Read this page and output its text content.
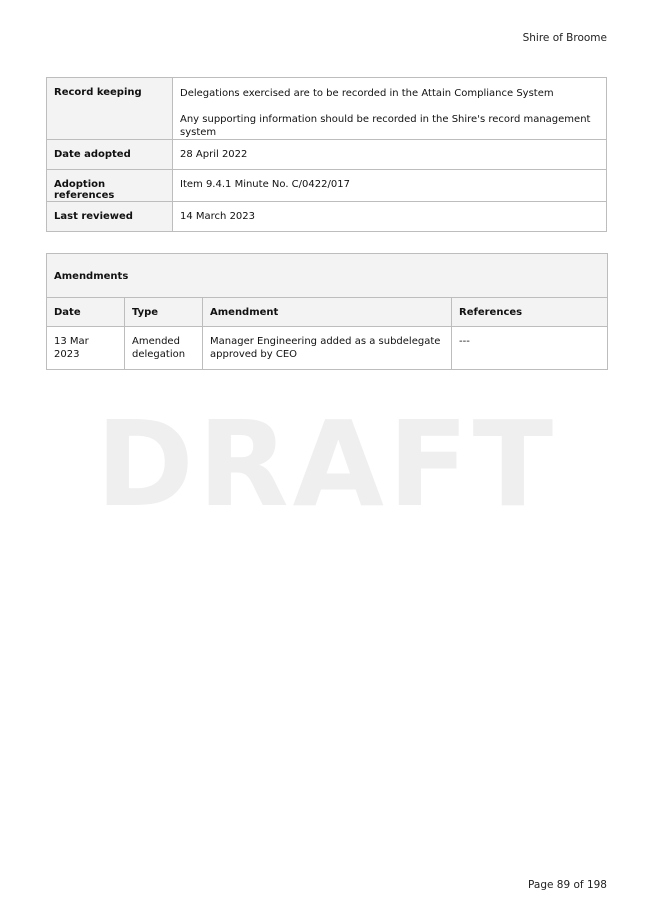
Shire of Broome
DRAFT
Record keeping	Delegations exercised are to be recorded in the Attain Compliance System
Any supporting information should be recorded in the Shire's record management system

Date adopted	28 April 2022
Adoption references	Item 9.4.1 Minute No. C/0422/017
Last reviewed	14 March 2023
Amendments			
Date	Type	Amendment	References
13 Mar 2023	Amended delegation	Manager Engineering added as a subdelegate approved by CEO	---
Page 89 of 198
